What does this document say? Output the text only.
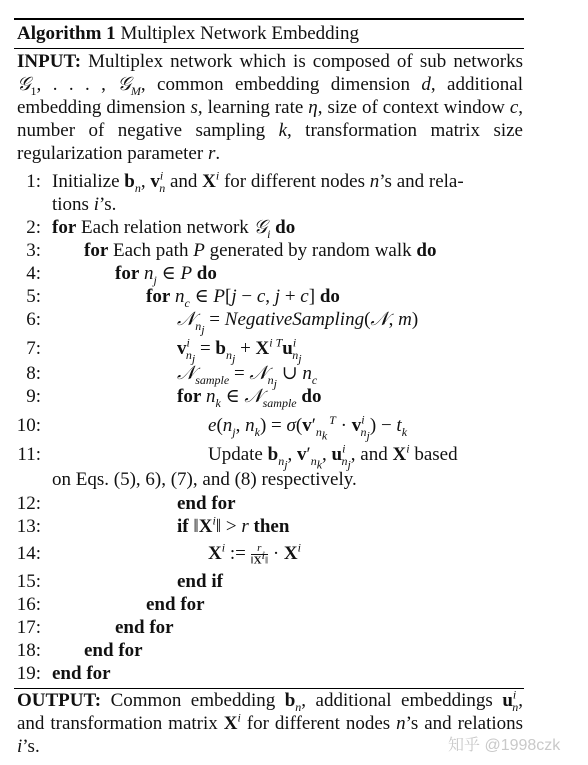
Algorithm 1 Multiplex Network Embedding
INPUT: Multiplex network which is composed of sub networks 𝒢$_1$, . . . , 𝒢$_M$, common embedding dimension d, additional embedding dimension s, learning rate η, size of context window c, number of negative sampling k, transformation matrix size regularization parameter r.
1: Initialize $b_n$, $v^i_n$ and $X^i$ for different nodes n’s and rela-
tions i’s.
2: for Each relation network 𝒢$_i$ do
3: for Each path P generated by random walk do
4:	for $n_j$ ∈ P do
5:	for $n_c$ ∈ P[j − c, j + c] do
6:	𝒩$_{n_j}$ = NegativeSampling(𝒩, m)
7:	$v^i_{n_j} = b_{n_j} + X^{i T}u^i_{n_j}$
8:	𝒩$_{sample}$ = 𝒩$_{n_j}$ ∪ $n_c$
9:	for $n_k$ ∈ 𝒩$_{sample}$ do
10:	$e(n_j$, $n_k) = \sigma(v'_{n_k}^T \cdot v^i_{n_j}) - t_k$
11:	Update $b_{n_j}$, $v'_{n_k}$, $u^i_{n_j}$, and $X^i$ based
on Eqs. (5), 6), (7), and (8) respectively.
12:	end for
13:	if $‖X^i‖ > r$ then
14:	$X^i$ := $\frac{r}{‖X^i‖} \cdot X^i$
15:	end if
16:	end for
17:	end for
18: end for
19: end for
OUTPUT: Common embedding $b_n$, additional embeddings $u^i_n$, and transformation matrix $X^i$ for different nodes n’s and relations i’s.	知乎 @1998czk
